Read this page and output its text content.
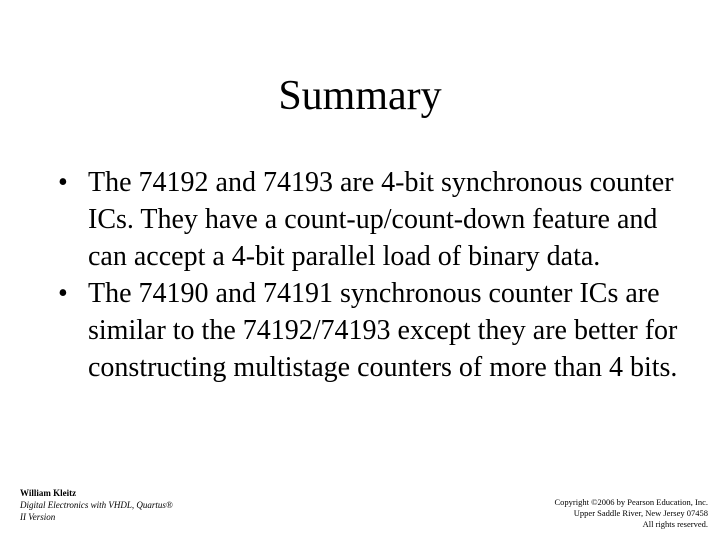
Summary
• The 74192 and 74193 are 4-bit synchronous counter ICs. They have a count-up/count-down feature and can accept a 4-bit parallel load of binary data.
• The 74190 and 74191 synchronous counter ICs are similar to the 74192/74193 except they are better for constructing multistage counters of more than 4 bits.
William Kleitz
Digital Electronics with VHDL, Quartus®
II Version
Copyright ©2006 by Pearson Education, Inc.
Upper Saddle River, New Jersey 07458
All rights reserved.
